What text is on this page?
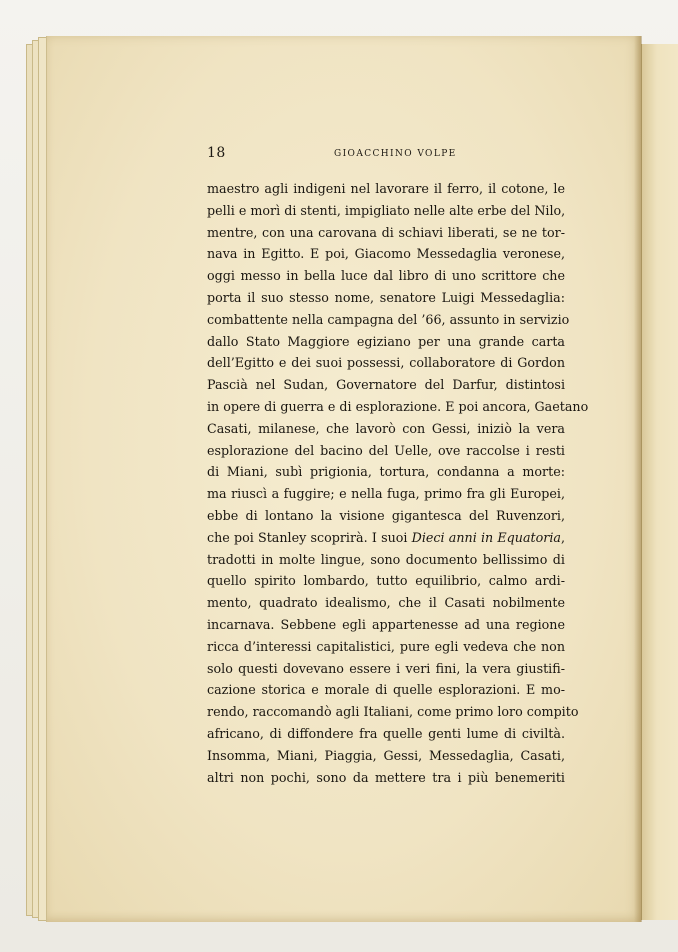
18	GIOACCHINO VOLPE
maestro agli indigeni nel lavorare il ferro, il cotone, le
pelli e morì di stenti, impigliato nelle alte erbe del Nilo,
mentre, con una carovana di schiavi liberati, se ne tor-
nava in Egitto. E poi, Giacomo Messedaglia veronese,
oggi messo in bella luce dal libro di uno scrittore che
porta il suo stesso nome, senatore Luigi Messedaglia:
combattente nella campagna del ’66, assunto in servizio
dallo Stato Maggiore egiziano per una grande carta
dell’Egitto e dei suoi possessi, collaboratore di Gordon
Pascià nel Sudan, Governatore del Darfur, distintosi
in opere di guerra e di esplorazione. E poi ancora, Gaetano
Casati, milanese, che lavorò con Gessi, iniziò la vera
esplorazione del bacino del Uelle, ove raccolse i resti
di Miani, subì prigionia, tortura, condanna a morte:
ma riuscì a fuggire; e nella fuga, primo fra gli Europei,
ebbe di lontano la visione gigantesca del Ruvenzori,
che poi Stanley scoprirà. I suoi Dieci anni in Equatoria,
tradotti in molte lingue, sono documento bellissimo di
quello spirito lombardo, tutto equilibrio, calmo ardi-
mento, quadrato idealismo, che il Casati nobilmente
incarnava. Sebbene egli appartenesse ad una regione
ricca d’interessi capitalistici, pure egli vedeva che non
solo questi dovevano essere i veri fini, la vera giustifi-
cazione storica e morale di quelle esplorazioni. E mo-
rendo, raccomandò agli Italiani, come primo loro compito
africano, di diffondere fra quelle genti lume di civiltà.
Insomma, Miani, Piaggia, Gessi, Messedaglia, Casati,
altri non pochi, sono da mettere tra i più benemeriti
